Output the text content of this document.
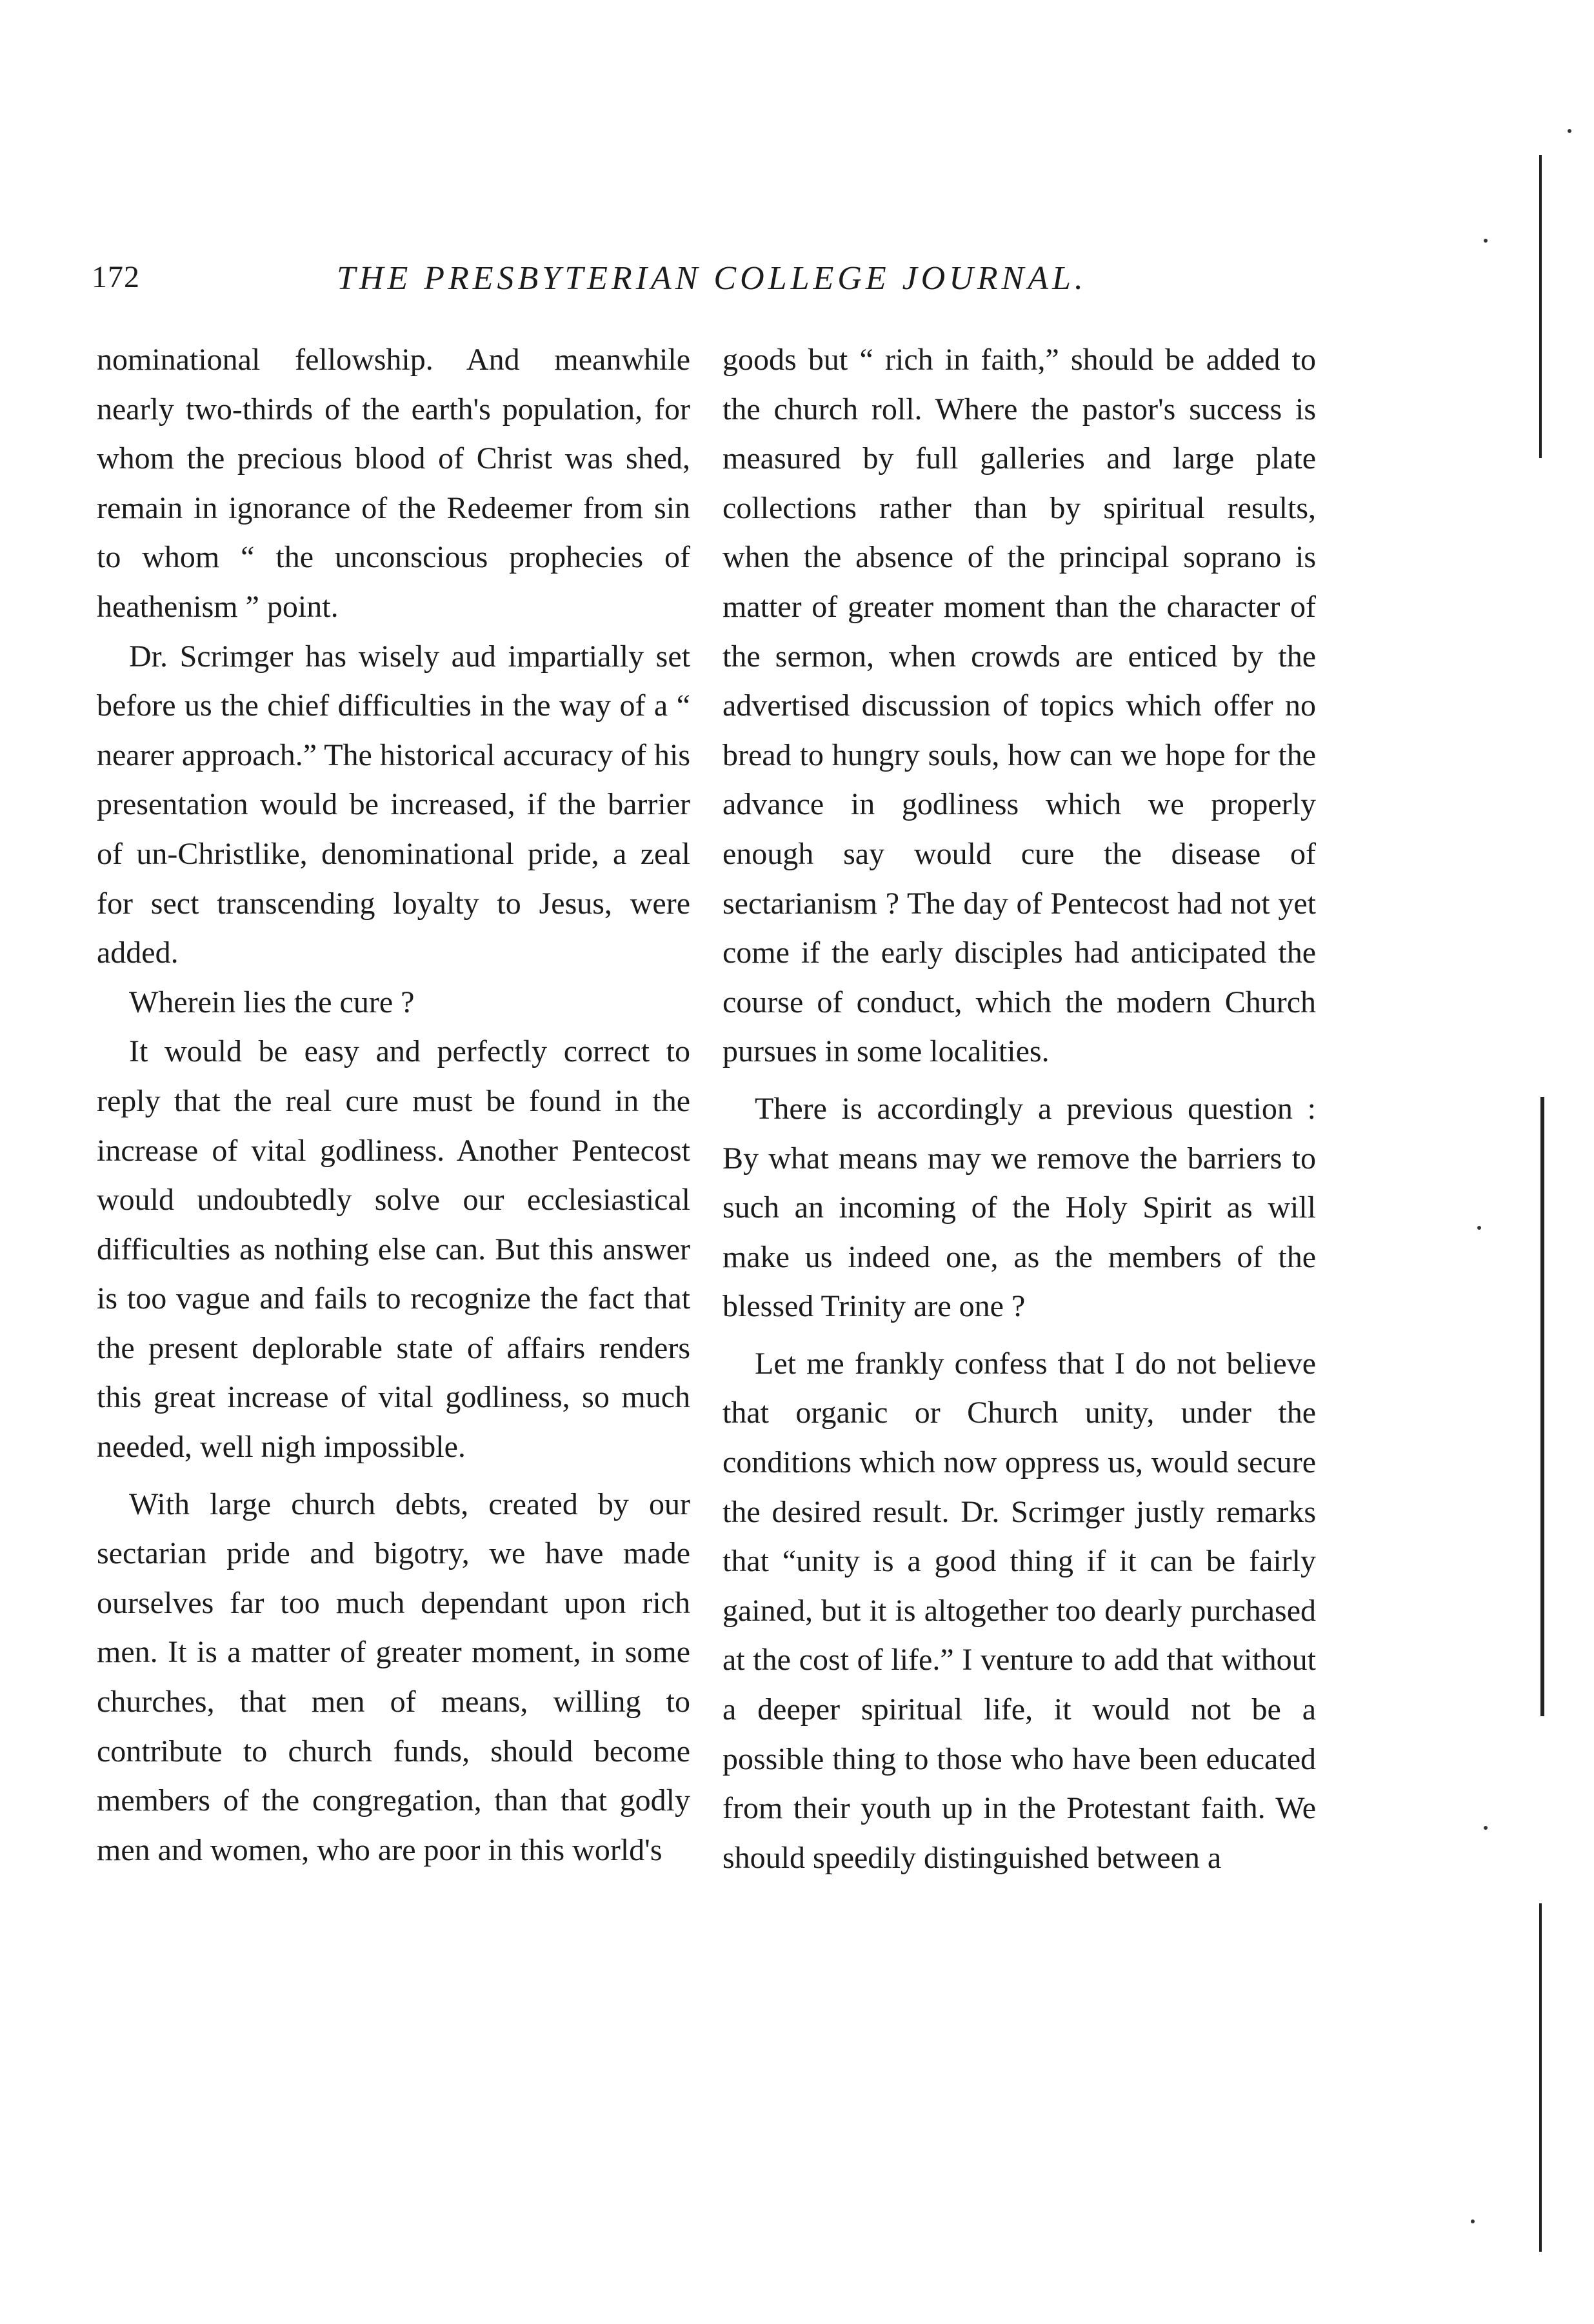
172	THE PRESBYTERIAN COLLEGE JOURNAL.

nominational fellowship. And meanwhile nearly two-thirds of the earth's population, for whom the precious blood of Christ was shed, remain in ignorance of the Redeemer from sin to whom “ the unconscious prophecies of heathenism ” point.

Dr. Scrimger has wisely aud impartially set before us the chief difficulties in the way of a “ nearer approach.” The historical accuracy of his presentation would be increased, if the barrier of un-Christlike, denominational pride, a zeal for sect transcending loyalty to Jesus, were added.

Wherein lies the cure ?

It would be easy and perfectly correct to reply that the real cure must be found in the increase of vital godliness. Another Pentecost would undoubtedly solve our ecclesiastical difficulties as nothing else can. But this answer is too vague and fails to recognize the fact that the present deplorable state of affairs renders this great increase of vital godliness, so much needed, well nigh impossible.

With large church debts, created by our sectarian pride and bigotry, we have made ourselves far too much dependant upon rich men. It is a matter of greater moment, in some churches, that men of means, willing to contribute to church funds, should become members of the congregation, than that godly men and women, who are poor in this world's

goods but “ rich in faith,” should be added to the church roll. Where the pastor's success is measured by full galleries and large plate collections rather than by spiritual results, when the absence of the principal soprano is matter of greater moment than the character of the sermon, when crowds are enticed by the advertised discussion of topics which offer no bread to hungry souls, how can we hope for the advance in godliness which we properly enough say would cure the disease of sectarianism ? The day of Pentecost had not yet come if the early disciples had anticipated the course of conduct, which the modern Church pursues in some localities.

There is accordingly a previous question : By what means may we remove the barriers to such an incoming of the Holy Spirit as will make us indeed one, as the members of the blessed Trinity are one ?

Let me frankly confess that I do not believe that organic or Church unity, under the conditions which now oppress us, would secure the desired result. Dr. Scrimger justly remarks that “unity is a good thing if it can be fairly gained, but it is altogether too dearly purchased at the cost of life.” I venture to add that without a deeper spiritual life, it would not be a possible thing to those who have been educated from their youth up in the Protestant faith. We should speedily distinguished between a
